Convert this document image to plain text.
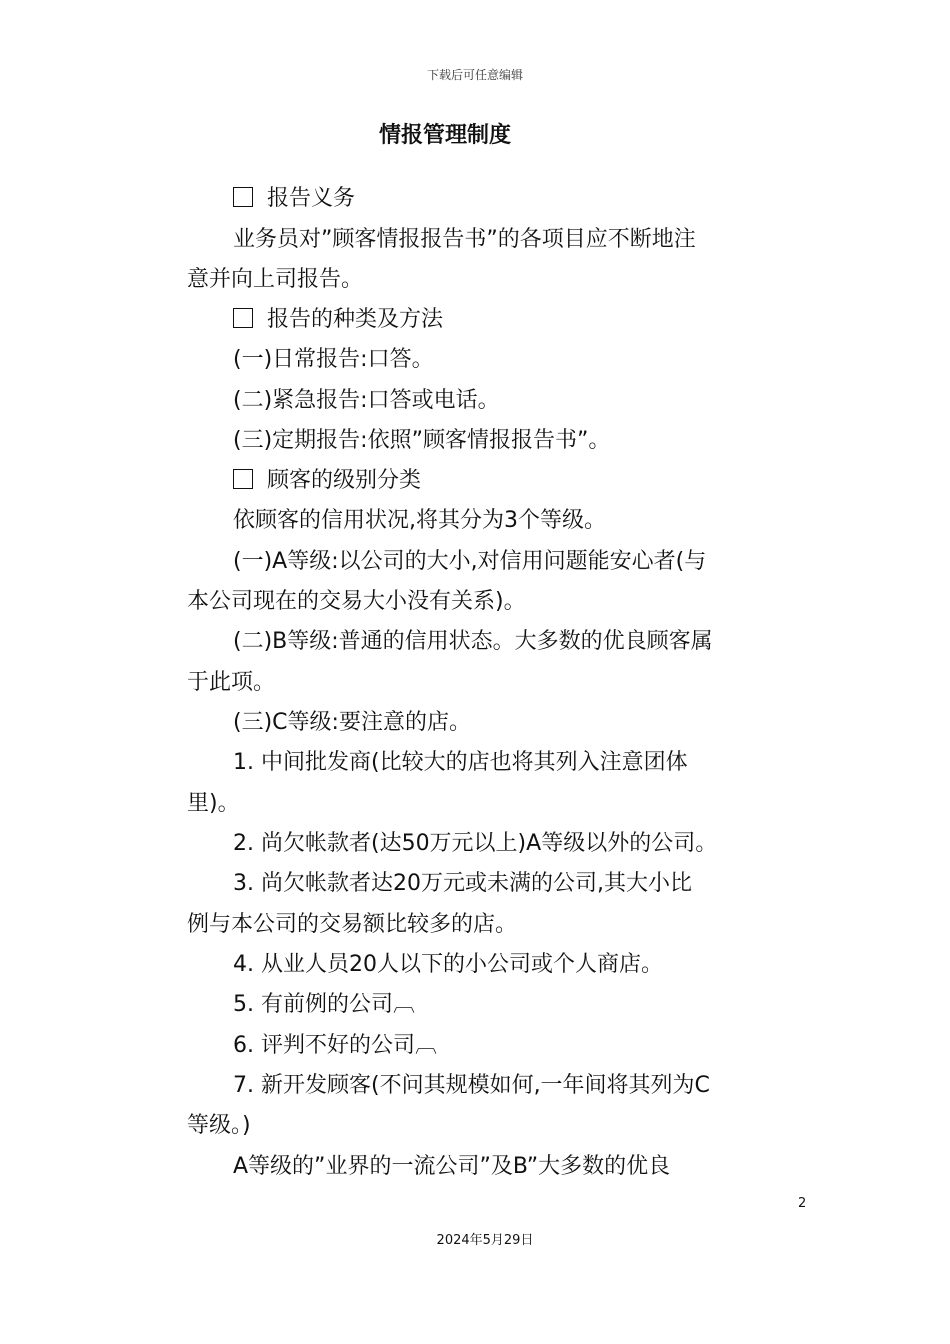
下载后可任意编辑
情报管理制度
报告义务
业务员对”顾客情报报告书”的各项目应不断地注
意并向上司报告。
报告的种类及方法
(一)日常报告:口答。
(二)紧急报告:口答或电话。
(三)定期报告:依照”顾客情报报告书”。
顾客的级别分类
依顾客的信用状况,将其分为3个等级。
(一)A等级:以公司的大小,对信用问题能安心者(与
本公司现在的交易大小没有关系)。
(二)B等级:普通的信用状态。大多数的优良顾客属
于此项。
(三)C等级:要注意的店。
1. 中间批发商(比较大的店也将其列入注意团体
里)。
2. 尚欠帐款者(达50万元以上)A等级以外的公司。
3. 尚欠帐款者达20万元或未满的公司,其大小比
例与本公司的交易额比较多的店。
4. 从业人员20人以下的小公司或个人商店。
5. 有前例的公司︹
6. 评判不好的公司︹
7. 新开发顾客(不问其规模如何,一年间将其列为C
等级。)
A等级的”业界的一流公司”及B”大多数的优良
2
2024年5月29日
